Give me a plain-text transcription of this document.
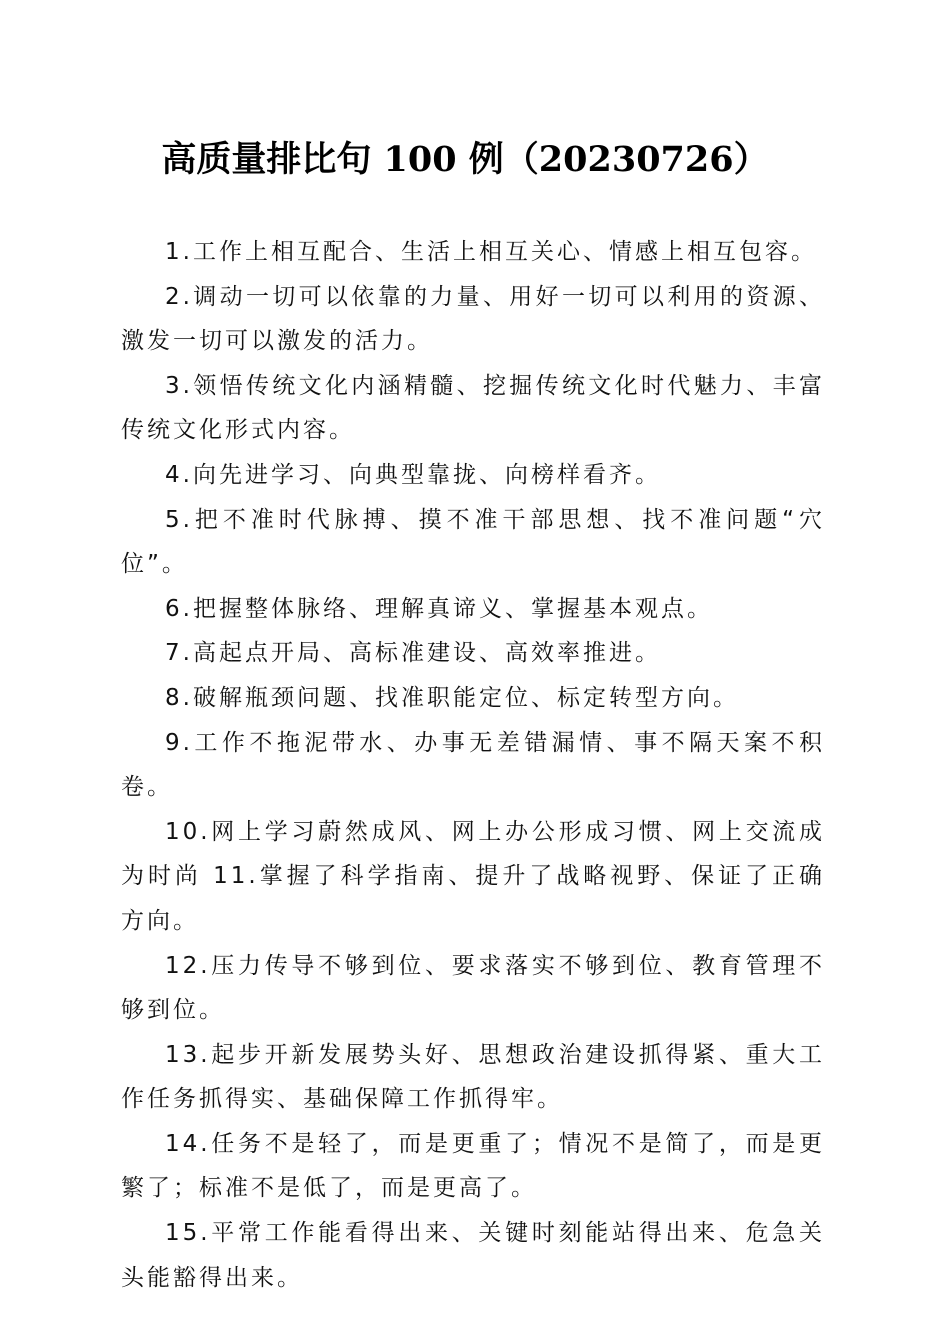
高质量排比句 100 例（20230726）

1.工作上相互配合、生活上相互关心、情感上相互包容。

2.调动一切可以依靠的力量、用好一切可以利用的资源、激发一切可以激发的活力。

3.领悟传统文化内涵精髓、挖掘传统文化时代魅力、丰富传统文化形式内容。

4.向先进学习、向典型靠拢、向榜样看齐。

5.把不准时代脉搏、摸不准干部思想、找不准问题“穴位”。

6.把握整体脉络、理解真谛义、掌握基本观点。

7.高起点开局、高标准建设、高效率推进。

8.破解瓶颈问题、找准职能定位、标定转型方向。

9.工作不拖泥带水、办事无差错漏情、事不隔天案不积卷。

10.网上学习蔚然成风、网上办公形成习惯、网上交流成为时尚 11.掌握了科学指南、提升了战略视野、保证了正确方向。

12.压力传导不够到位、要求落实不够到位、教育管理不够到位。

13.起步开新发展势头好、思想政治建设抓得紧、重大工作任务抓得实、基础保障工作抓得牢。

14.任务不是轻了，而是更重了；情况不是简了，而是更繁了；标准不是低了，而是更高了。

15.平常工作能看得出来、关键时刻能站得出来、危急关头能豁得出来。
